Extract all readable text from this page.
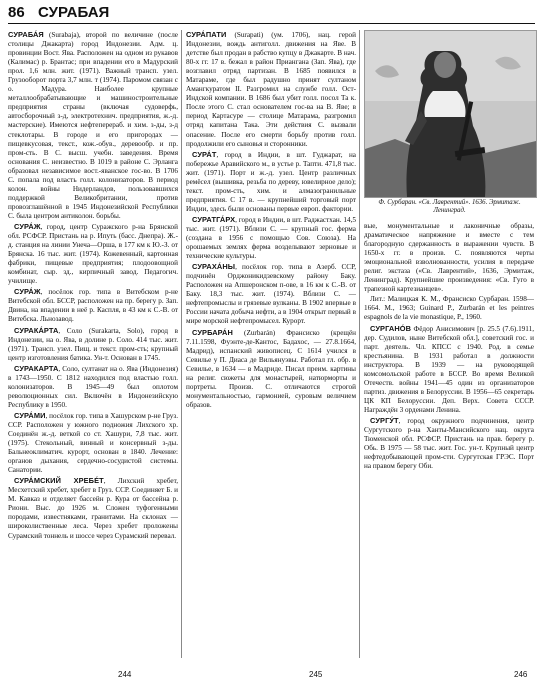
86 СУРАБАЯ

СУРАБА́Я (Surabaja), второй по величине (после столицы Джакарта) город Индонезии. Адм. ц. провинции Вост. Ява. Расположен на одном из рукавов (Калимас) р. Брантас; при впадении его в Мадурский прол. 1,6 млн. жит. (1971). Важный трансп. узел. Грузооборот порта 3,7 млн. т (1974). Паромом связан с о. Мадура. Наиболее крупные металлообрабатывающие и машиностроительные предприятия страны (включая судоверфь, автосборочный з-д, электротехнич. предприятия, ж.-д. мастерские). Имеются нефтеперераб. и хим. з-ды, з-д стеклотары. В городе и его пригородах — пищевкусовая, текст., кож.-обув., деревообр. и пр. пром-сть. В С. высш. учебн. заведения. Время основания С. неизвестно. В 1019 в районе С. Эрланга образовал независимое вост.-яванское гос-во. В 1706 С. попала под власть голл. колонизаторов. В период колон. войны Нидерландов, пользовавшихся поддержкой Великобритании, против провозглашённой в 1945 Индонезийской Республики С. была центром антиколон. борьбы.

СУРА́Ж, город, центр Суражского р-на Брянской обл. РСФСР. Пристань на р. Ипуть (басс. Днепра). Ж.-д. станция на линии Унеча—Орша, в 177 км к Ю.-З. от Брянска. 16 тыс. жит. (1974). Кожевенный, картонная фабрики, пищевые предприятия; плодоовощной комбинат, сыр. зд., кирпичный завод. Педагогич. училище.

СУРА́Ж, посёлок гор. типа в Витебском р-не Витебской обл. БССР, расположен на пр. берегу р. Зап. Двина, на впадении в неё р. Каспля, в 43 км к С.-В. от Витебска. Льнозавод.

СУРАКА́РТА, Соло (Surakarta, Solo), город в Индонезии, на о. Ява, в долине р. Соло. 414 тыс. жит. (1971). Трансп. узел. Пищ. и текст. пром-сть; крупный центр изготовления батика. Ун-т. Основан в 1745.

СУРАКАРТА, Соло, султанат на о. Ява (Индонезия) в 1743—1950. С 1812 находился под властью голл. колонизаторов. В 1945—49 был оплотом революционных сил. Включён в Индонезийскую Республику в 1950.

СУРА́МИ, посёлок гор. типа в Хашурском р-не Груз. ССР. Расположен у южного подножия Лихского хр. Соединён ж.-д. веткой со ст. Хашури, 7,8 тыс. жит. (1975). Стекольный, винный и консервный з-ды. Бальнеоклиматич. курорт, основан в 1840. Лечение: органов дыхания, сердечно-сосудистой системы. Санатории.

СУРА́МСКИЙ ХРЕБЕ́Т, Лихский хребет, Месхетский хребет, хребет в Груз. ССР. Соединяет Б. и М. Кавказ и отделяет бассейн р. Кура от бассейна р. Риони. Выс. до 1926 м. Сложен туфогенными породами, известняками, гранитами. На склонах — широколиственные леса. Через хребет проложены Сурамский тоннель и шоссе через Сурамский перевал.

СУРА́ПАТИ (Surapati) (ум. 1706), нац. герой Индонезии, вождь антиголл. движения на Яве. В детстве был продан в рабство купцу в Джакарте. В нач. 80-х гг. 17 в. бежал в район Приангана (Зап. Ява), где возглавил отряд партизан. В 1685 появился в Матараме, где был радушно принят султаном Амангкуратом II. Разгромил на службе голл. Ост-Индской компании. В 1686 был убит голл. посол Та к. После этого С. стал основателем гос-ва на В. Яве; в период Картасуре — столице Матарама, разгромил отряд капитана Така. Эти действия С. вызвали опасение. После его смерти борьбу против голл. продолжили его сыновья и сторонники.

СУРА́Т, город в Индии, в шт. Гуджарат, на побережье Аравийского м., в устье р. Тапти. 471,8 тыс. жит. (1971). Порт и ж.-д. узел. Центр различных ремёсел (вышивка, резьба по дереву, ювелирное дело); текст. пром-сть, хим. и алмазогранильные предприятия. С 17 в. — крупнейший торговый порт Индии, здесь были основаны первые европ. фактории.

СУРАТГА́РХ, город в Индии, в шт. Раджастхан. 14,5 тыс. жит. (1971). Вблизи С. — крупный гос. ферма (создана в 1956 с помощью Сов. Союза). На орошаемых землях ферма возделывают зерновые и технические культуры.

СУРАХА́НЫ, посёлок гор. типа в Азерб. ССР, подчинён Орджоникидзевскому району Баку. Расположен на Апшеронском п-ове, в 16 км к С.-В. от Баку. 18,3 тыс. жит. (1974). Вблизи С. — нефтепромыслы и грязевые вулканы. В 1902 впервые в России начата добыча нефти, а в 1904 открыт первый в мире морской нефтепромысел. Курорт.

СУРБАРА́Н (Zurbarán) Франсиско (крещён 7.11.1598, Фуэнте-де-Кантос, Бадахос, — 27.8.1664, Мадрид), испанский живописец. С 1614 учился в Севилье у П. Диаса де Вильянуэвы. Работал гл. обр. в Севилье, в 1634 — в Мадриде. Писал преим. картины на религ. сюжеты для монастырей, натюрморты и портреты. Произв. С. отличаются строгой монументальностью, гармонией, суровым величием образов.

Ф. Сурбаран. «Св. Лаврентий». 1636. Эрмитаж. Ленинград.

вые, монументальные и лаконичные образы, драматическое напряжение и вместе с тем благородную сдержанность в выражении чувств. В 1650-х гг. в произв. С. появляются черты эмоциональной взволнованности, усилия в передаче религ. экстаза («Св. Лаврентий», 1636, Эрмитаж, Ленинград). Крупнейшие произведения: «Св. Гуго в трапезной картезианцев».

Лит.: Малицкая К. М., Франсиско Сурбаран. 1598—1664. М., 1963; Guinard P., Zurbarán et les peintres espagnols de la vie monastique, P., 1960.

СУРГАНО́В Фёдор Анисимович [р. 25.5 (7.6).1911, дер. Судилов, ныне Витебской обл.], советский гос. и парт. деятель. Чл. КПСС с 1940. Род. в семье крестьянина. В 1931 работал в должности инструктора. В 1939 — на руководящей комсомольской работе в БССР. Во время Великой Отечеств. войны 1941—45 один из организаторов партиз. движения в Белоруссии. В 1956—65 секретарь ЦК КП Белоруссии. Деп. Верх. Совета СССР. Награждён 3 орденами Ленина.

СУРГУ́Т, город окружного подчинения, центр Сургутского р-на Ханты-Мансийского нац. округа Тюменской обл. РСФСР. Пристань на прав. берегу р. Обь. В 1975 — 58 тыс. жит. Гос. ун-т. Крупный центр нефтедобывающей пром-сти. Сургутская ГРЭС. Порт на правом берегу Оби.

244	245	246
